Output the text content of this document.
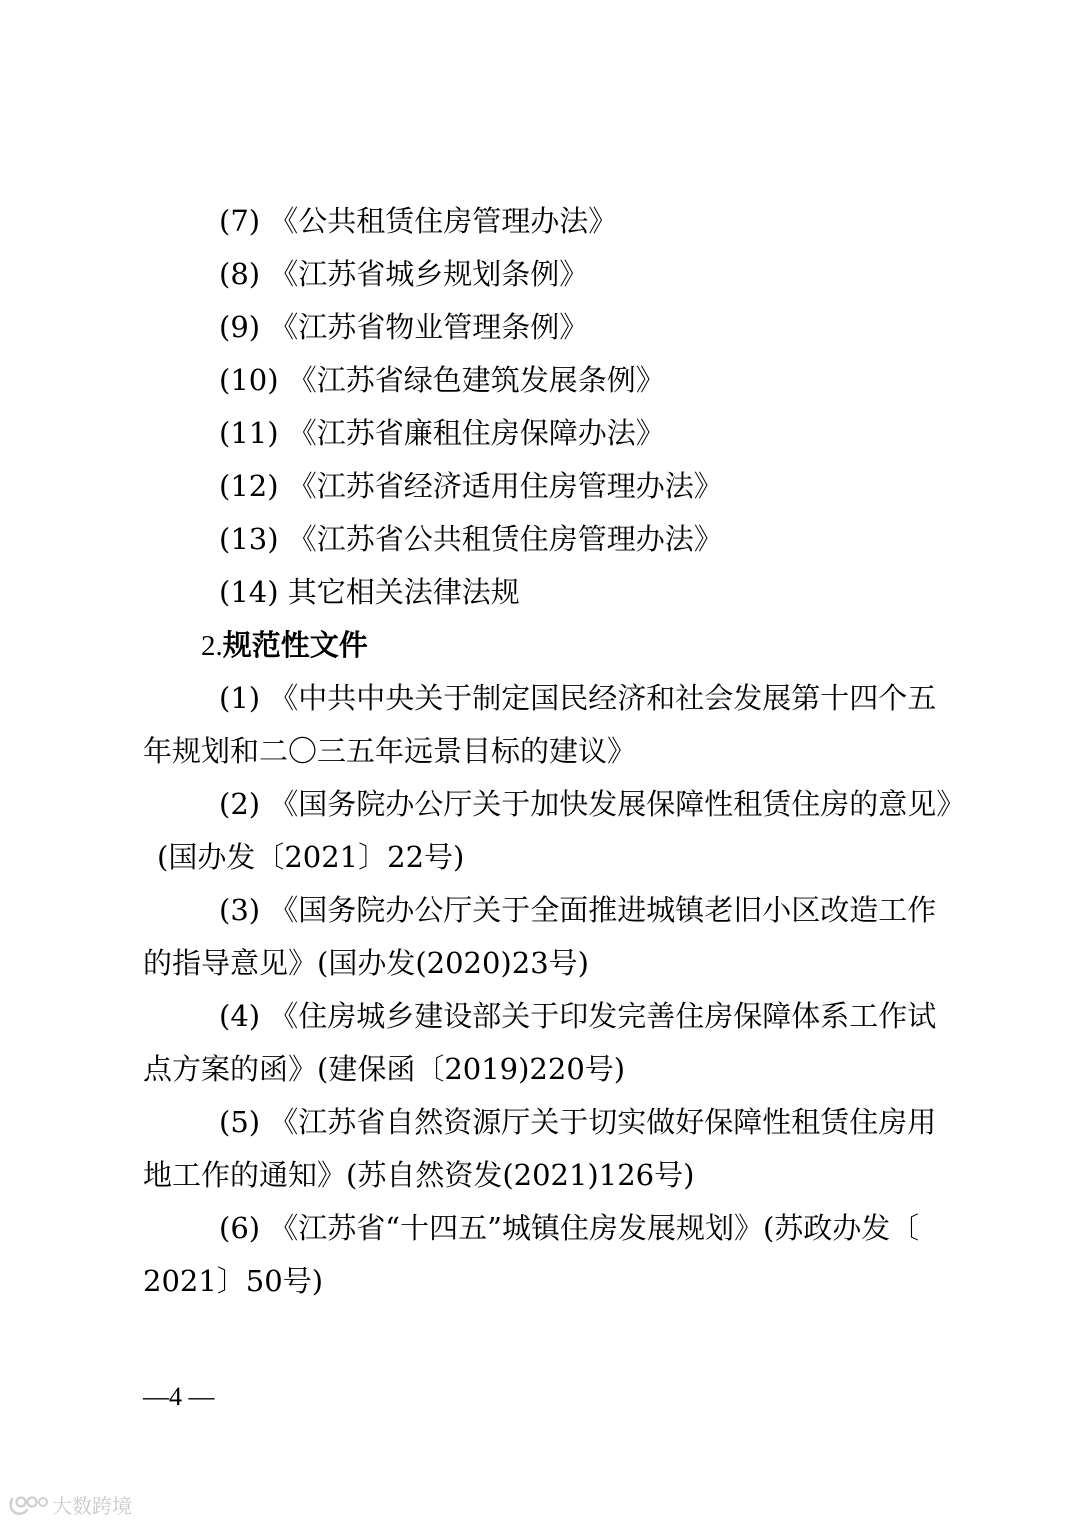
(7) 《公共租赁住房管理办法》
(8) 《江苏省城乡规划条例》
(9) 《江苏省物业管理条例》
(10) 《江苏省绿色建筑发展条例》
(11) 《江苏省廉租住房保障办法》
(12) 《江苏省经济适用住房管理办法》
(13) 《江苏省公共租赁住房管理办法》
(14) 其它相关法律法规
2.规范性文件
(1) 《中共中央关于制定国民经济和社会发展第十四个五
年规划和二〇三五年远景目标的建议》
(2) 《国务院办公厅关于加快发展保障性租赁住房的意见》
(国办发〔2021〕22号)
(3) 《国务院办公厅关于全面推进城镇老旧小区改造工作
的指导意见》(国办发(2020)23号)
(4) 《住房城乡建设部关于印发完善住房保障体系工作试
点方案的函》(建保函〔2019)220号)
(5) 《江苏省自然资源厅关于切实做好保障性租赁住房用
地工作的通知》(苏自然资发(2021)126号)
(6) 《江苏省“十四五”城镇住房发展规划》(苏政办发〔
2021〕50号)
—4 —
大数跨境
